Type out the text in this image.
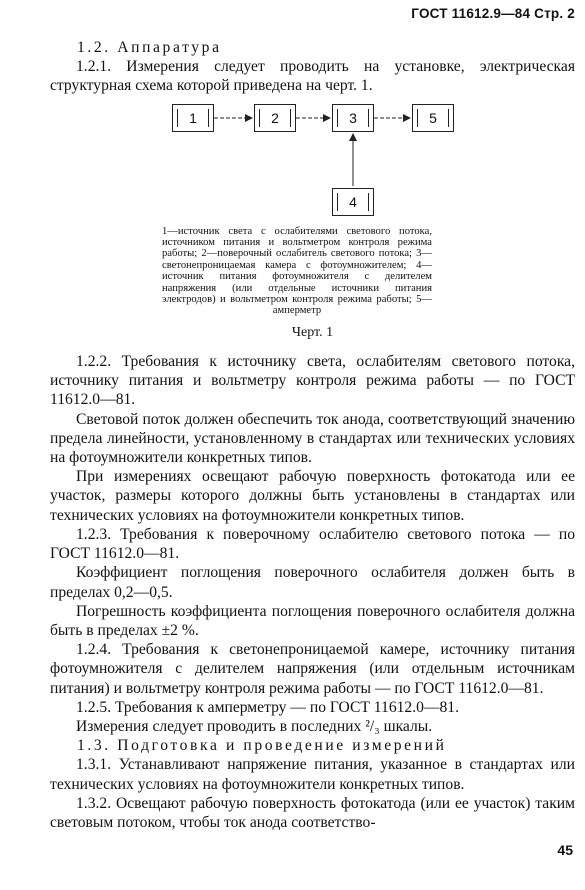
ГОСТ 11612.9—84 Стр. 2

1.2. Аппаратура

1.2.1. Измерения следует проводить на установке, электрическая структурная схема которой приведена на черт. 1.

1	2	3	5
4

1—источник света с ослабителями светового потока, источником питания и вольтметром контроля режима работы; 2—поверочный ослабитель светового потока; 3—светонепроницаемая камера с фотоумножителем; 4—источник питания фотоумножителя с делителем напряжения (или отдельные источники питания электродов) и вольтметром контроля режима работы; 5—амперметр

Черт. 1

1.2.2. Требования к источнику света, ослабителям светового потока, источнику питания и вольтметру контроля режима работы — по ГОСТ 11612.0—81.

Световой поток должен обеспечить ток анода, соответствующий значению предела линейности, установленному в стандартах или технических условиях на фотоумножители конкретных типов.

При измерениях освещают рабочую поверхность фотокатода или ее участок, размеры которого должны быть установлены в стандартах или технических условиях на фотоумножители конкретных типов.

1.2.3. Требования к поверочному ослабителю светового потока — по ГОСТ 11612.0—81.

Коэффициент поглощения поверочного ослабителя должен быть в пределах 0,2—0,5.

Погрешность коэффициента поглощения поверочного ослабителя должна быть в пределах ±2 %.

1.2.4. Требования к светонепроницаемой камере, источнику питания фотоумножителя с делителем напряжения (или отдельным источникам питания) и вольтметру контроля режима работы — по ГОСТ 11612.0—81.

1.2.5. Требования к амперметру — по ГОСТ 11612.0—81.

Измерения следует проводить в последних ²/₃ шкалы.

1.3. Подготовка и проведение измерений

1.3.1. Устанавливают напряжение питания, указанное в стандартах или технических условиях на фотоумножители конкретных типов.

1.3.2. Освещают рабочую поверхность фотокатода (или ее участок) таким световым потоком, чтобы ток анода соответство-

45
